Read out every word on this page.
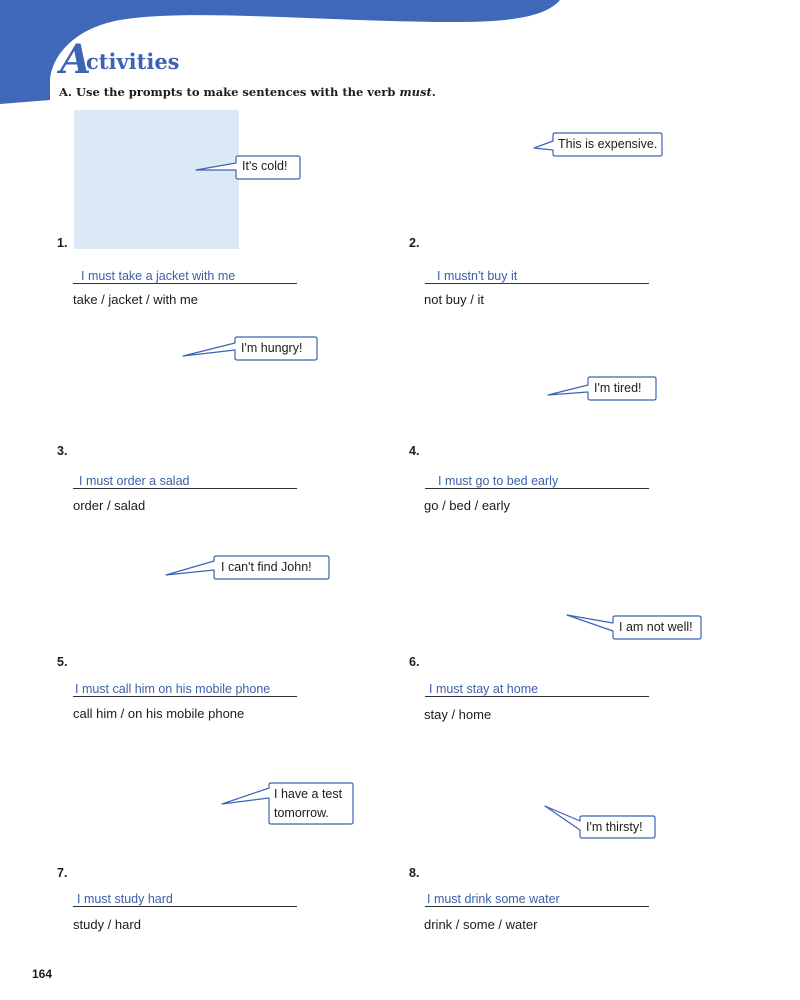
A
ctivities
A. Use the prompts to make sentences with the verb must.
It's cold!
This is expensive.
I'm hungry!
I'm tired!
I can't find John!
I am not well!
I have a test tomorrow.
I'm thirsty!
1.	2.
3.	4.
5.	6.
7.	8.
I must take a jacket with me	I mustn't buy it
I must order a salad	I must go to bed early
I must call him on his mobile phone	I must stay at home
I must study hard	I must drink some water
take / jacket / with me	not buy / it
order / salad	go / bed / early
call him / on his mobile phone	stay / home
study / hard	drink / some / water
164
